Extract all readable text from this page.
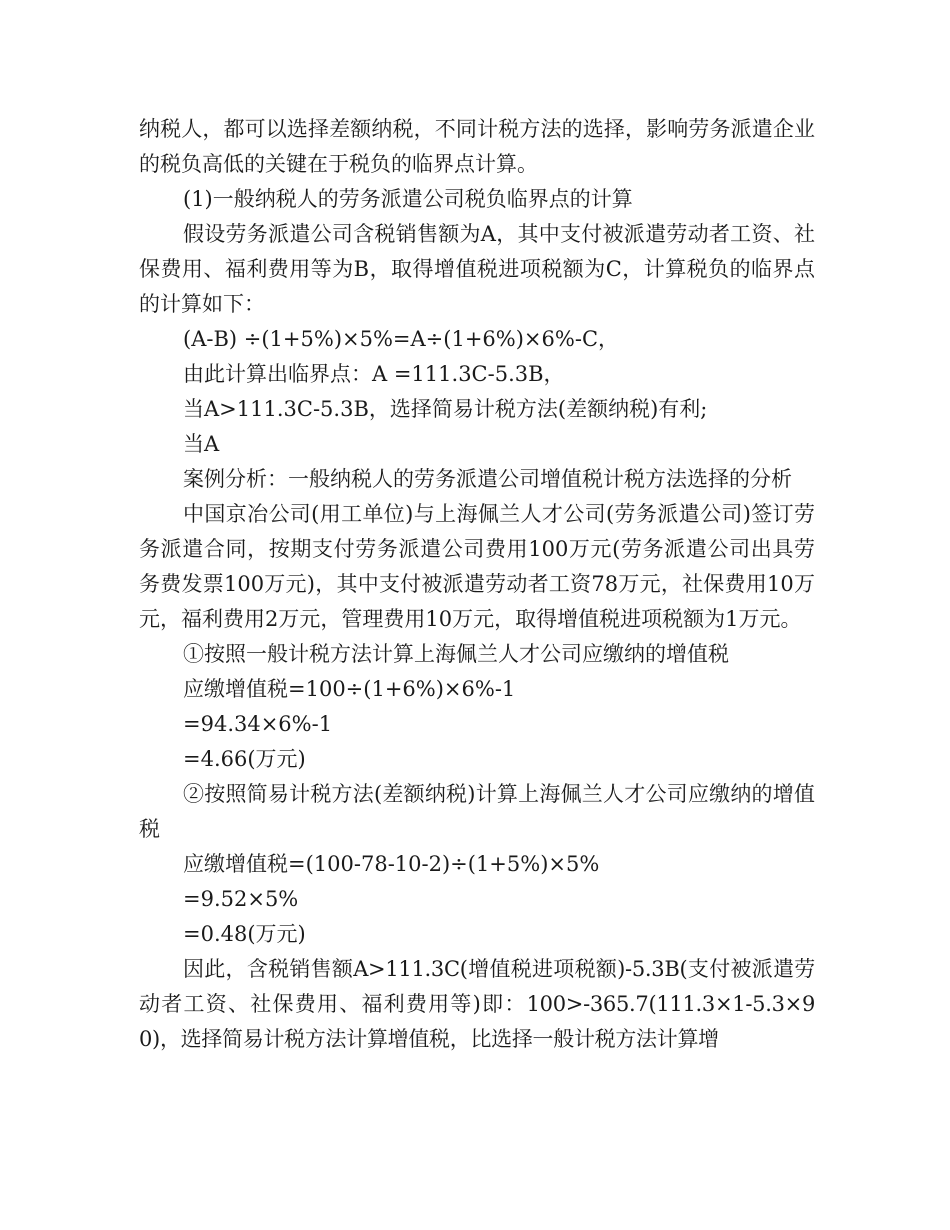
纳税人，都可以选择差额纳税，不同计税方法的选择，影响劳务派遣企业的税负高低的关键在于税负的临界点计算。

(1)一般纳税人的劳务派遣公司税负临界点的计算

假设劳务派遣公司含税销售额为A，其中支付被派遣劳动者工资、社保费用、福利费用等为B，取得增值税进项税额为C，计算税负的临界点的计算如下：

(A-B) ÷(1+5%)×5%=A÷(1+6%)×6%-C，

由此计算出临界点：A =111.3C-5.3B，

当A>111.3C-5.3B，选择简易计税方法(差额纳税)有利;

当A

案例分析：一般纳税人的劳务派遣公司增值税计税方法选择的分析

中国京冶公司(用工单位)与上海佩兰人才公司(劳务派遣公司)签订劳务派遣合同，按期支付劳务派遣公司费用100万元(劳务派遣公司出具劳务费发票100万元)，其中支付被派遣劳动者工资78万元，社保费用10万元，福利费用2万元，管理费用10万元，取得增值税进项税额为1万元。

①按照一般计税方法计算上海佩兰人才公司应缴纳的增值税

应缴增值税=100÷(1+6%)×6%-1

=94.34×6%-1

=4.66(万元)

②按照简易计税方法(差额纳税)计算上海佩兰人才公司应缴纳的增值税

应缴增值税=(100-78-10-2)÷(1+5%)×5%

=9.52×5%

=0.48(万元)

因此，含税销售额A>111.3C(增值税进项税额)-5.3B(支付被派遣劳动者工资、社保费用、福利费用等)即：100>-365.7(111.3×1-5.3×90)，选择简易计税方法计算增值税，比选择一般计税方法计算增
